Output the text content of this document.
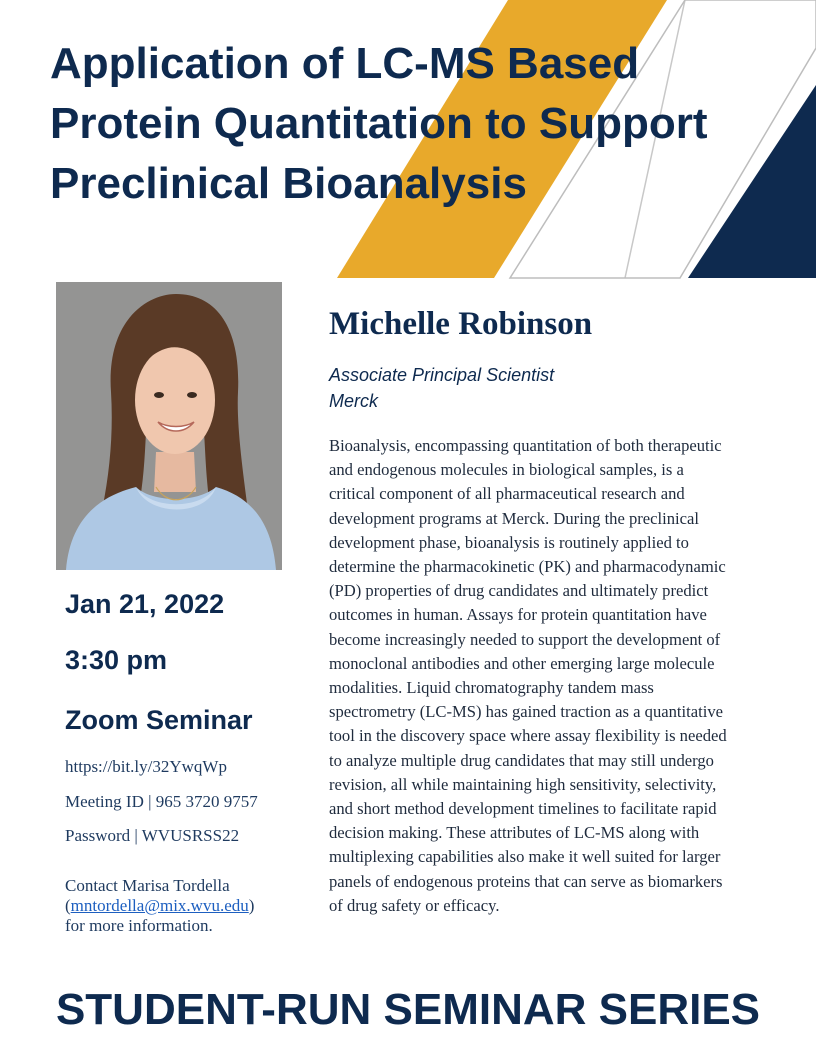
Application of LC-MS Based
Protein Quantitation to Support
Preclinical Bioanalysis
Michelle Robinson
Associate Principal Scientist
Merck
Bioanalysis, encompassing quantitation of both therapeutic
and endogenous molecules in biological samples, is a
critical component of all pharmaceutical research and
development programs at Merck. During the preclinical
development phase, bioanalysis is routinely applied to
determine the pharmacokinetic (PK) and pharmacodynamic
(PD) properties of drug candidates and ultimately predict
outcomes in human. Assays for protein quantitation have
become increasingly needed to support the development of
monoclonal antibodies and other emerging large molecule
modalities. Liquid chromatography tandem mass
spectrometry (LC-MS) has gained traction as a quantitative
tool in the discovery space where assay flexibility is needed
to analyze multiple drug candidates that may still undergo
revision, all while maintaining high sensitivity, selectivity,
and short method development timelines to facilitate rapid
decision making. These attributes of LC-MS along with
multiplexing capabilities also make it well suited for larger
panels of endogenous proteins that can serve as biomarkers
of drug safety or efficacy.
Jan 21, 2022
3:30 pm
Zoom Seminar
https://bit.ly/32YwqWp
Meeting ID | 965 3720 9757
Password | WVUSRSS22
Contact Marisa Tordella
(mntordella@mix.wvu.edu)
for more information.
STUDENT-RUN SEMINAR SERIES
